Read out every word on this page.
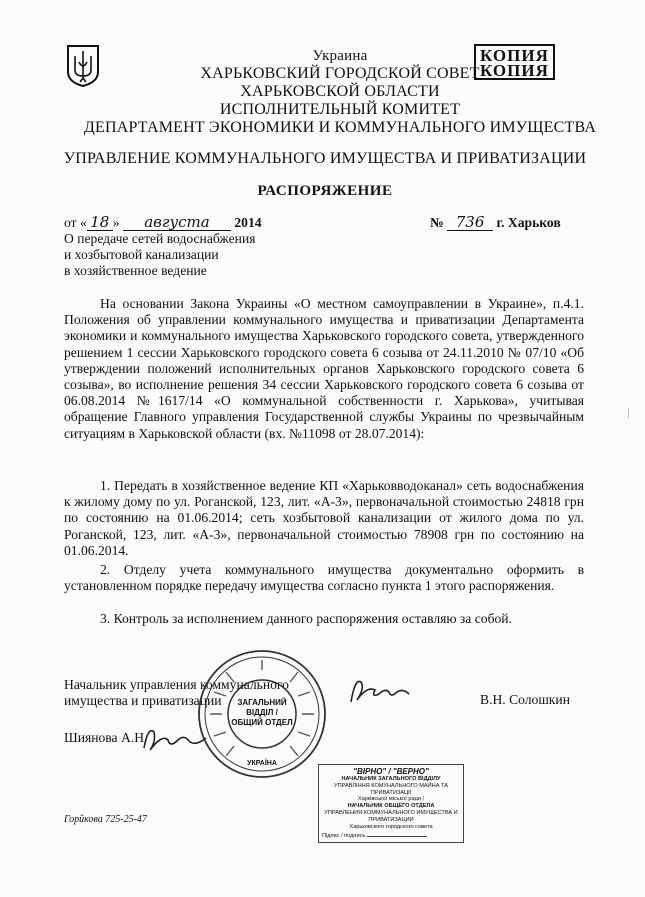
КОПИЯ
КОПИЯ
Украина
ХАРЬКОВСКИЙ ГОРОДСКОЙ СОВЕТ
ХАРЬКОВСКОЙ ОБЛАСТИ
ИСПОЛНИТЕЛЬНЫЙ КОМИТЕТ
ДЕПАРТАМЕНТ ЭКОНОМИКИ И КОММУНАЛЬНОГО ИМУЩЕСТВА
УПРАВЛЕНИЕ КОММУНАЛЬНОГО ИМУЩЕСТВА И ПРИВАТИЗАЦИИ
РАСПОРЯЖЕНИЕ
от « 18 » августа 2014	№ 736 г. Харьков
О передаче сетей водоснабжения
и хозбытовой канализации
в хозяйственное ведение
На основании Закона Украины «О местном самоуправлении в Украине», п.4.1. Положения об управлении коммунального имущества и приватизации Департамента экономики и коммунального имущества Харьковского городского совета, утвержденного решением 1 сессии Харьковского городского совета 6 созыва от 24.11.2010 № 07/10 «Об утверждении положений исполнительных органов Харьковского городского совета 6 созыва», во исполнение решения 34 сессии Харьковского городского совета 6 созыва от 06.08.2014 №1617/14 «О коммунальной собственности г. Харькова», учитывая обращение Главного управления Государственной службы Украины по чрезвычайным ситуациям в Харьковской области (вх. №11098 от 28.07.2014):
1. Передать в хозяйственное ведение КП «Харьковводоканал» сеть водоснабжения к жилому дому по ул. Роганской, 123, лит. «А-3», первоначальной стоимостью 24818 грн по состоянию на 01.06.2014; сеть хозбытовой канализации от жилого дома по ул. Роганской, 123, лит. «А-3», первоначальной стоимостью 78908 грн по состоянию на 01.06.2014.
2. Отделу учета коммунального имущества документально оформить в установленном порядке передачу имущества согласно пункта 1 этого распоряжения.
3. Контроль за исполнением данного распоряжения оставляю за собой.
Начальник управления коммунального
имущества и приватизации	В.Н. Солошкин
Шиянова А.Н.
ЗАГАЛЬНИЙ
ВІДДІЛ /
ОБЩИЙ ОТДЕЛ
УКРАЇНА
"ВІРНО" / "ВЕРНО"
НАЧАЛЬНИК ЗАГАЛЬНОГО ВІДДІЛУ
УПРАВЛІННЯ КОМУНАЛЬНОГО МАЙНА ТА ПРИВАТИЗАЦІЇ
Харківської міської ради /
НАЧАЛЬНИК ОБЩЕГО ОТДЕЛА
УПРАВЛЕНИЯ КОММУНАЛЬНОГО ИМУЩЕСТВА И ПРИВАТИЗАЦИИ
Харьковского городского совета
Підпис / подпись
Горйкова 725-25-47
